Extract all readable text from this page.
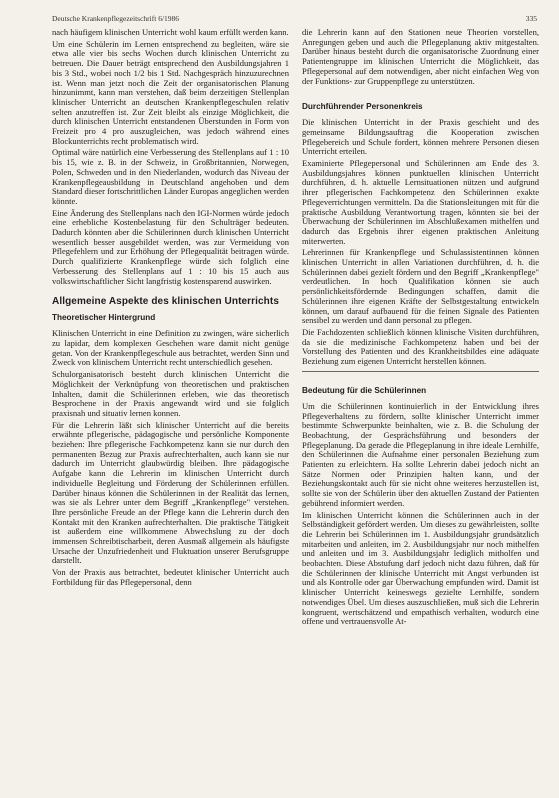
Deutsche Krankenpflegezeitschrift 6/1986	335

nach häufigem klinischen Unterricht wohl kaum erfüllt werden kann.

Um eine Schülerin im Lernen entsprechend zu begleiten, wäre sie etwa alle vier bis sechs Wochen durch klinischen Unterricht zu betreuen. Die Dauer beträgt entsprechend den Ausbildungsjahren 1 bis 3 Std., wobei noch 1/2 bis 1 Std. Nachgespräch hinzuzurechnen ist. Wenn man jetzt noch die Zeit der organisatorischen Planung hinzunimmt, kann man verstehen, daß beim derzeitigen Stellenplan klinischer Unterricht an deutschen Krankenpflegeschulen relativ selten anzutreffen ist. Zur Zeit bleibt als einzige Möglichkeit, die durch klinischen Unterricht entstandenen Überstunden in Form von Freizeit pro 4 pro auszugleichen, was jedoch während eines Blockunterrichts recht problematisch wird.

Optimal wäre natürlich eine Verbesserung des Stellenplans auf 1 : 10 bis 15, wie z. B. in der Schweiz, in Großbritannien, Norwegen, Polen, Schweden und in den Niederlanden, wodurch das Niveau der Krankenpflegeausbildung in Deutschland angehoben und dem Standard dieser fortschrittlichen Länder Europas angeglichen werden könnte.

Eine Änderung des Stellenplans nach den IGI-Normen würde jedoch eine erhebliche Kostenbelastung für den Schulträger bedeuten. Dadurch könnten aber die Schülerinnen durch klinischen Unterricht wesentlich besser ausgebildet werden, was zur Vermeidung von Pflegefehlern und zur Erhöhung der Pflegequalität beitragen würde. Durch qualifizierte Krankenpflege würde sich folglich eine Verbesserung des Stellenplans auf 1 : 10 bis 15 auch aus volkswirtschaftlicher Sicht langfristig kostensparend auswirken.

Allgemeine Aspekte des klinischen Unterrichts
Theoretischer Hintergrund

Klinischen Unterricht in eine Definition zu zwingen, wäre sicherlich zu lapidar, dem komplexen Geschehen ware damit nicht genüge getan. Von der Krankenpflegeschule aus betrachtet, werden Sinn und Zweck von klinischem Unterricht recht unterschiedlich gesehen.

Schulorganisatorisch besteht durch klinischen Unterricht die Möglichkeit der Verknüpfung von theoretischen und praktischen Inhalten, damit die Schülerinnen erleben, wie das theoretisch Besprochene in der Praxis angewandt wird und sie folglich praxisnah und situativ lernen konnen.

Für die Lehrerin läßt sich klinischer Unterricht auf die bereits erwähnte pflegerische, pädagogische und persönliche Komponente beziehen: Ihre pflegerische Fachkompetenz kann sie nur durch den permanenten Bezug zur Praxis aufrechterhalten, auch kann sie nur dadurch im Unterricht glaubwürdig bleiben. Ihre pädagogische Aufgabe kann die Lehrerin im klinischen Unterricht durch individuelle Begleitung und Förderung der Schülerinnen erfüllen. Darüber hinaus können die Schülerinnen in der Realität das lernen, was sie als Lehrer unter dem Begriff „Krankenpflege" verstehen. Ihre persönliche Freude an der Pflege kann die Lehrerin durch den Kontakt mit den Kranken aufrechterhalten. Die praktische Tätigkeit ist außerdem eine willkommene Abwechslung zu der doch immensen Schreibtischarbeit, deren Ausmaß allgemein als häufigste Ursache der Unzufriedenheit und Fluktuation unserer Berufsgruppe darstellt.

Von der Praxis aus betrachtet, bedeutet klinischer Unterricht auch Fortbildung für das Pflegepersonal, denn

die Lehrerin kann auf den Stationen neue Theorien vorstellen, Anregungen geben und auch die Pflegeplanung aktiv mitgestalten. Darüber hinaus besteht durch die organisatorische Zuordnung einer Patientengruppe im klinischen Unterricht die Möglichkeit, das Pflegepersonal auf dem notwendigen, aber nicht einfachen Weg von der Funktions- zur Gruppenpflege zu unterstützen.

Durchführender Personenkreis

Die klinischen Unterricht in der Praxis geschieht und des gemeinsame Bildungsauftrag die Kooperation zwischen Pflegebereich und Schule fordert, können mehrere Personen diesen Unterricht erteilen.

Examinierte Pflegepersonal und Schülerinnen am Ende des 3. Ausbildungsjahres können punktuellen klinischen Unterricht durchführen, d. h. aktuelle Lernsituationen nützen und aufgrund ihrer pflegerischen Fachkompetenz den Schülerinnen exakte Pflegeverrichtungen vermitteln. Da die Stationsleitungen mit für die praktische Ausbildung Verantwortung tragen, könnten sie bei der Überwachung der Schülerinnen im Abschlußexamen mithelfen und dadurch das Ergebnis ihrer eigenen praktischen Anleitung miterwerten.

Lehrerinnen für Krankenpflege und Schulassistentinnen können klinischen Unterricht in allen Variationen durchführen, d. h. die Schülerinnen dabei gezielt fördern und den Begriff „Krankenpflege" verdeutlichen. In hoch Qualifikation können sie auch persönlichkeitsfördernde Bedingungen schaffen, damit die Schülerinnen ihre eigenen Kräfte der Selbstgestaltung entwickeln können, um darauf aufbauend für die feinen Signale des Patienten sensibel zu werden und dann personal zu pflegen.

Die Fachdozenten schließlich können klinische Visiten durchführen, da sie die medizinische Fachkompetenz haben und bei der Vorstellung des Patienten und des Krankheitsbildes eine adäquate Beziehung zum eigenen Unterricht herstellen können.

Bedeutung für die Schülerinnen

Um die Schülerinnen kontinuierlich in der Entwicklung ihres Pflegeverhaltens zu fördern, sollte klinischer Unterricht immer bestimmte Schwerpunkte beinhalten, wie z. B. die Schulung der Beobachtung, der Gesprächsführung und besonders der Pflegeplanung. Da gerade die Pflegeplanung in ihre ideale Lernhilfe, den Schülerinnen die Aufnahme einer personalen Beziehung zum Patienten zu erleichtern. Ha sollte Lehrerin dabei jedoch nicht an Sätze Normen oder Prinzipien halten kann, und der Beziehungskontakt auch für sie nicht ohne weiteres herzustellen ist, sollte sie von der Schülerin über den aktuellen Zustand der Patienten gebührend informiert werden.

Im klinischen Unterricht können die Schülerinnen auch in der Selbständigkeit gefördert werden. Um dieses zu gewährleisten, sollte die Lehrerin bei Schülerinnen im 1. Ausbildungsjahr grundsätzlich mitarbeiten und anleiten, im 2. Ausbildungsjahr nur noch mithelfen und anleiten und im 3. Ausbildungsjahr lediglich mitholfen und beobachten. Diese Abstufung darf jedoch nicht dazu führen, daß für die Schülerinnen der klinische Unterricht mit Angst verbunden ist und als Kontrolle oder gar Überwachung empfunden wird. Damit ist klinischer Unterricht keineswegs gezielte Lernhilfe, sondern notwendiges Übel. Um dieses auszuschließen, muß sich die Lehrerin kongruent, wertschätzend und empathisch verhalten, wodurch eine offene und vertrauensvolle At-
